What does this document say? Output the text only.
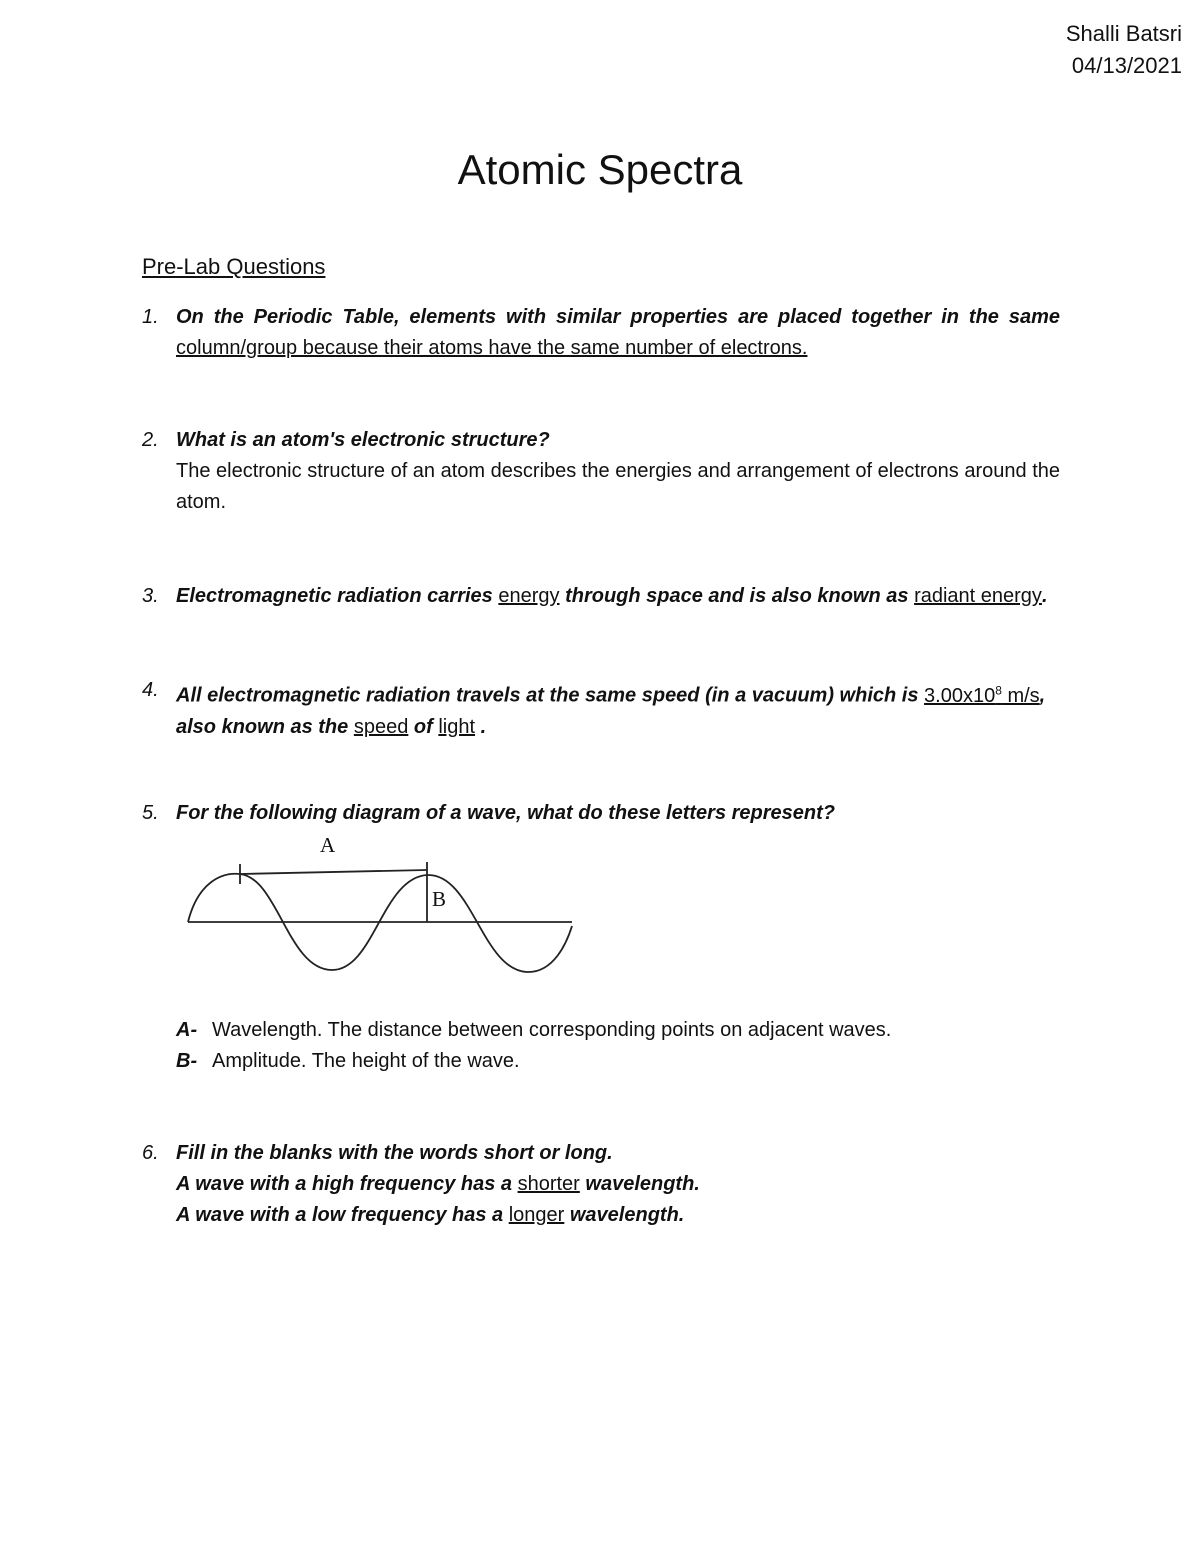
Shalli Batsri
04/13/2021
Atomic Spectra
Pre-Lab Questions
1. On the Periodic Table, elements with similar properties are placed together in the same
column/group because their atoms have the same number of electrons.
2. What is an atom's electronic structure?
The electronic structure of an atom describes the energies and arrangement of electrons around the atom.
3. Electromagnetic radiation carries energy through space and is also known as radiant energy.
4. All electromagnetic radiation travels at the same speed (in a vacuum) which is $3.00x10^8$ m/s,
also known as the speed of light .
5. For the following diagram of a wave, what do these letters represent?
A
B
A- Wavelength. The distance between corresponding points on adjacent waves.
B- Amplitude. The height of the wave.
6. Fill in the blanks with the words short or long.
A wave with a high frequency has a shorter wavelength.
A wave with a low frequency has a longer wavelength.
